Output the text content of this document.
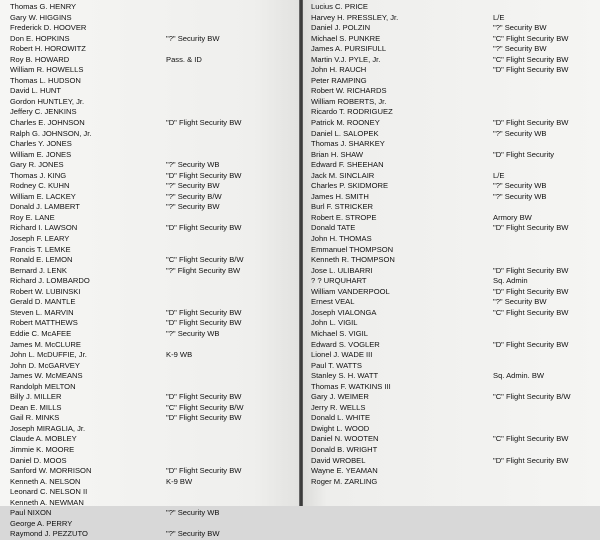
Thomas G. HENRY
Gary W. HIGGINS
Frederick D. HOOVER
Don E. HOPKINS	"?" Security BW
Robert H. HOROWITZ
Roy B. HOWARD	Pass. & ID
William R. HOWELLS
Thomas L. HUDSON
David L. HUNT
Gordon HUNTLEY, Jr.
Jeffery C. JENKINS
Charles E. JOHNSON	"D" Flight Security BW
Ralph G. JOHNSON, Jr.
Charles Y. JONES
William E. JONES
Gary R. JONES	"?" Security WB
Thomas J. KING	"D" Flight Security BW
Rodney C. KUHN	"?" Security BW
William E. LACKEY	"?" Security B/W
Donald J. LAMBERT	"?" Security BW
Roy E. LANE
Richard I. LAWSON	"D" Flight Security BW
Joseph F. LEARY
Francis T. LEMKE
Ronald E. LEMON	"C" Flight Security B/W
Bernard J. LENK	"?" Flight Security BW
Richard J. LOMBARDO
Robert W. LUBINSKI
Gerald D. MANTLE
Steven L. MARVIN	"D" Flight Security BW
Robert MATTHEWS	"D" Flight Security BW
Eddie C. McAFEE	"?" Security WB
James M. McCLURE
John L. McDUFFIE, Jr.	K-9 WB
John D. McGARVEY
James W. McMEANS
Randolph MELTON
Billy J. MILLER	"D" Flight Security BW
Dean E. MILLS	"C" Flight Security B/W
Gail R. MINKS	"D" Flight Security BW
Joseph MIRAGLIA, Jr.
Claude A. MOBLEY
Jimmie K. MOORE
Daniel D. MOOS
Sanford W. MORRISON	"D" Flight Security BW
Kenneth A. NELSON	K-9 BW
Leonard C. NELSON II
Kenneth A. NEWMAN
Paul NIXON	"?" Security WB
George A. PERRY
Raymond J. PEZZUTO	"?" Security BW
Lucius C. PRICE
Harvey H. PRESSLEY, Jr.	L/E
Daniel J. POLZIN	"?" Security BW
Michael S. PUNKRE	"C" Flight Security BW
James A. PURSIFULL	"?" Security BW
Martin V.J. PYLE, Jr.	"C" Flight Security BW
John H. RAUCH	"D" Flight Security BW
Peter RAMPING
Robert W. RICHARDS
William ROBERTS, Jr.
Ricardo T. RODRIGUEZ
Patrick M. ROONEY	"D" Flight Security BW
Daniel L. SALOPEK	"?" Security WB
Thomas J. SHARKEY
Brian H. SHAW	"D" Flight Security
Edward F. SHEEHAN
Jack M. SINCLAIR	L/E
Charles P. SKIDMORE	"?" Security WB
James H. SMITH	"?" Security WB
Burl F. STRICKER
Robert E. STROPE	Armory BW
Donald TATE	"D" Flight Security BW
John H. THOMAS
Emmanuel THOMPSON
Kenneth R. THOMPSON
Jose L. ULIBARRI	"D" Flight Security BW
? ? URQUHART	Sq. Admin
William VANDERPOOL	"D" Flight Security BW
Ernest VEAL	"?" Security BW
Joseph VIALONGA	"C" Flight Security BW
John L. VIGIL
Michael S. VIGIL
Edward S. VOGLER	"D" Flight Security BW
Lionel J. WADE III
Paul T. WATTS
Stanley S. H. WATT	Sq. Admin. BW
Thomas F. WATKINS III
Gary J. WEIMER	"C" Flight Security B/W
Jerry R. WELLS
Donald L. WHITE
Dwight L. WOOD
Daniel N. WOOTEN	"C" Flight Security BW
Donald B. WRIGHT
David WROBEL	"D" Flight Security BW
Wayne E. YEAMAN
Roger M. ZARLING
